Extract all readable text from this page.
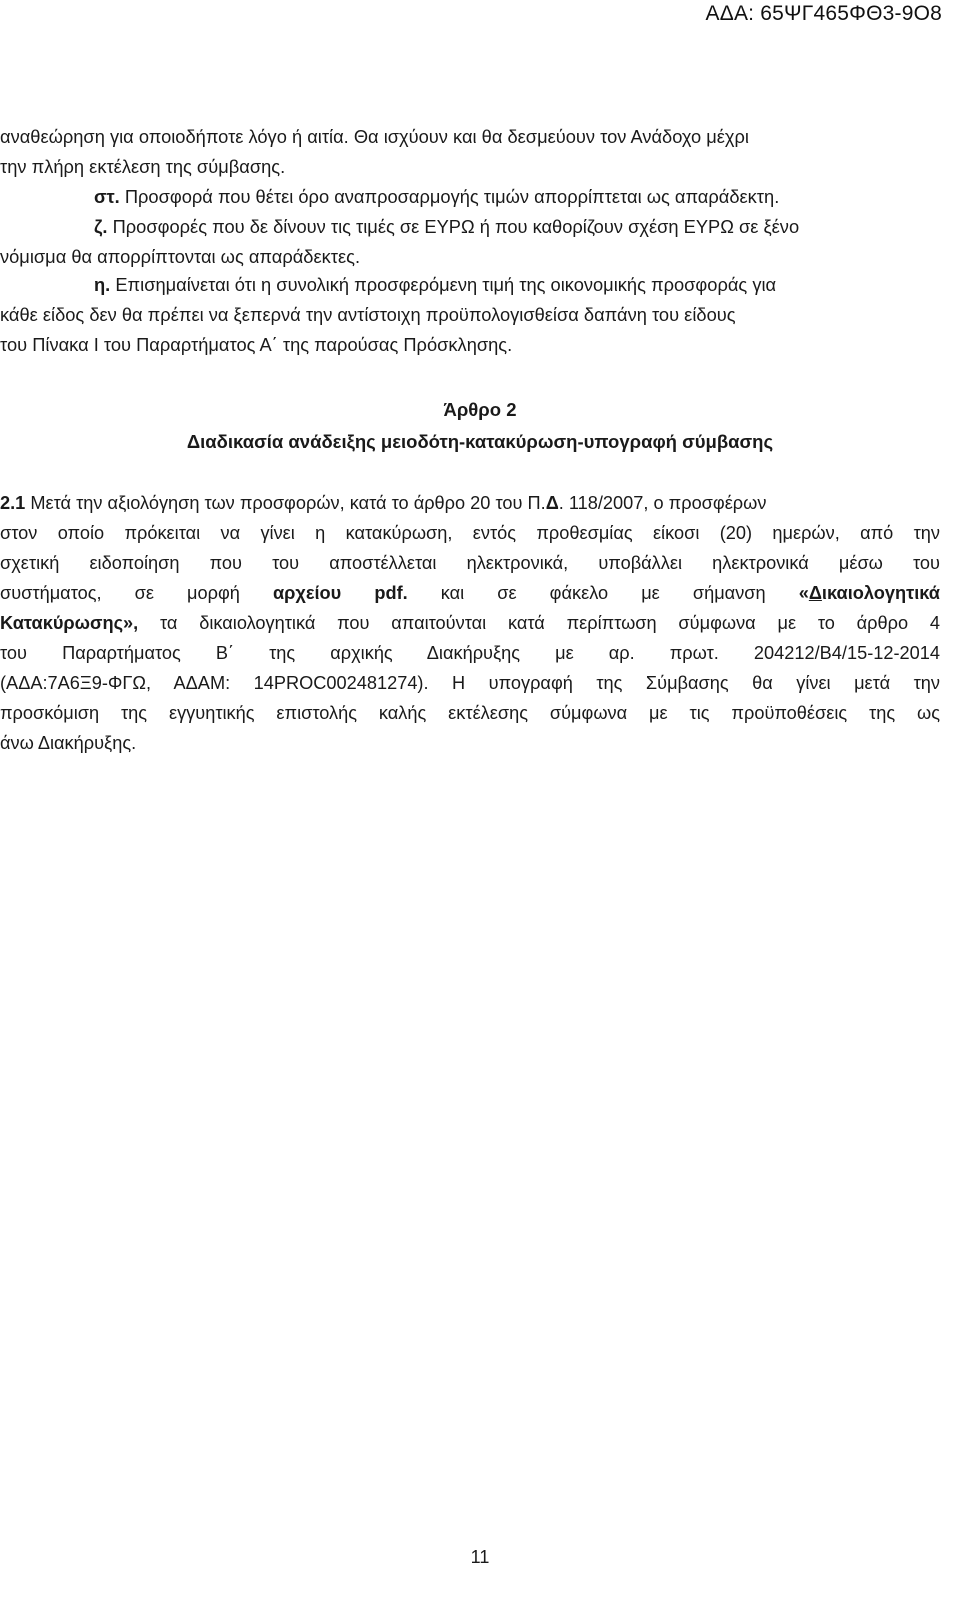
ΑΔΑ: 65ΨΓ465ΦΘ3-9Ο8
αναθεώρηση για οποιοδήποτε λόγο ή αιτία. Θα ισχύουν και θα δεσμεύουν τον Ανάδοχο μέχρι
την πλήρη εκτέλεση της σύμβασης.
στ. Προσφορά που θέτει όρο αναπροσαρμογής τιμών απορρίπτεται ως απαράδεκτη.
ζ. Προσφορές που δε δίνουν τις τιμές σε ΕΥΡΩ ή που καθορίζουν σχέση ΕΥΡΩ σε ξένο
νόμισμα θα απορρίπτονται ως απαράδεκτες.
η. Επισημαίνεται ότι η συνολική προσφερόμενη τιμή της οικονομικής προσφοράς για
κάθε είδος δεν θα πρέπει να ξεπερνά την αντίστοιχη προϋπολογισθείσα δαπάνη του είδους
του Πίνακα Ι του Παραρτήματος Α΄ της παρούσας Πρόσκλησης.
Άρθρο 2
Διαδικασία ανάδειξης μειοδότη-κατακύρωση-υπογραφή σύμβασης
2.1 Μετά την αξιολόγηση των προσφορών, κατά το άρθρο 20 του Π.Δ. 118/2007, ο προσφέρων
στον οποίο πρόκειται να γίνει η κατακύρωση, εντός προθεσμίας είκοσι (20) ημερών, από την
σχετική ειδοποίηση που του αποστέλλεται ηλεκτρονικά, υποβάλλει ηλεκτρονικά μέσω του
συστήματος, σε μορφή αρχείου pdf. και σε φάκελο με σήμανση «Δικαιολογητικά
Κατακύρωσης», τα δικαιολογητικά που απαιτούνται κατά περίπτωση σύμφωνα με το άρθρο 4
του Παραρτήματος Β΄ της αρχικής Διακήρυξης με αρ. πρωτ. 204212/Β4/15-12-2014
(ΑΔΑ:7Α6Ξ9-ΦΓΩ, ΑΔΑΜ: 14PROC002481274). Η υπογραφή της Σύμβασης θα γίνει μετά την
προσκόμιση της εγγυητικής επιστολής καλής εκτέλεσης σύμφωνα με τις προϋποθέσεις της ως
άνω Διακήρυξης.
11
